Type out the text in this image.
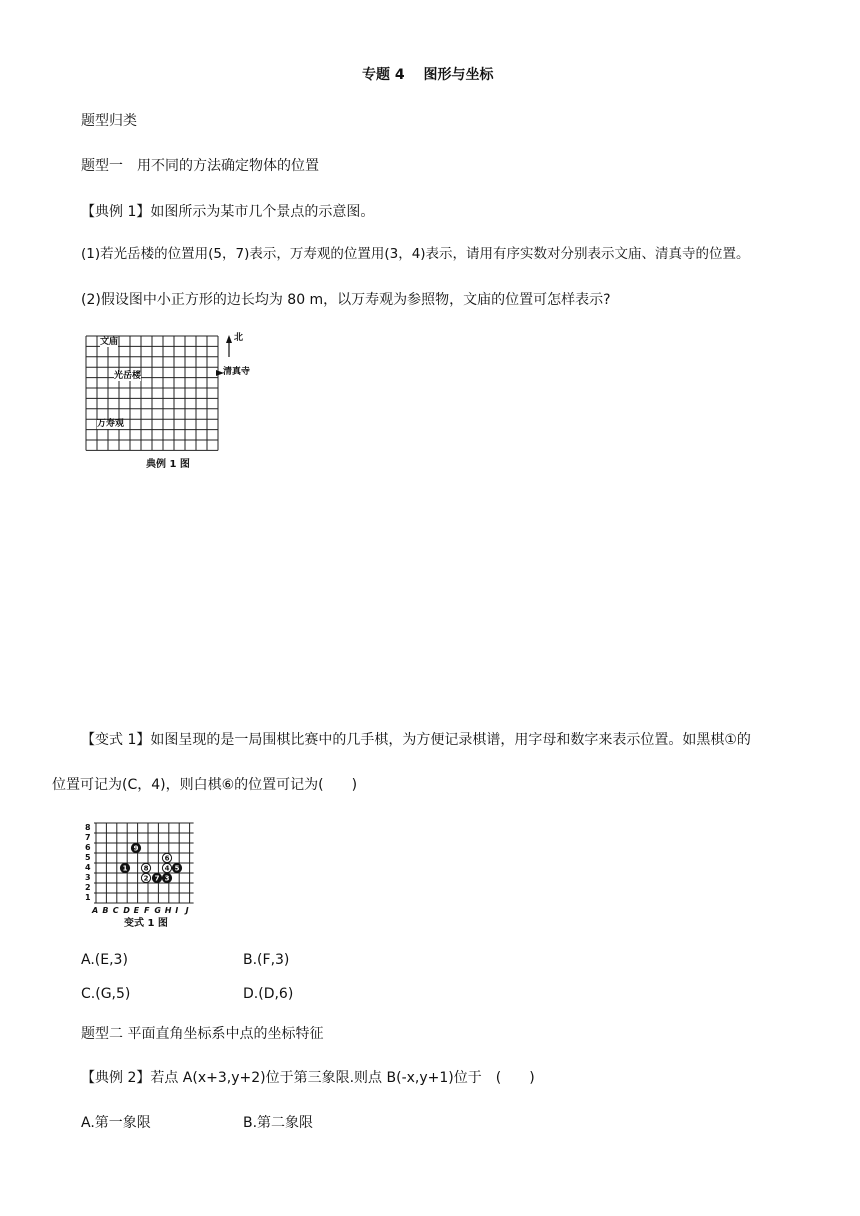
专题 4　 图形与坐标
题型归类
题型一　用不同的方法确定物体的位置
【典例 1】如图所示为某市几个景点的示意图。
(1)若光岳楼的位置用(5，7)表示，万寿观的位置用(3，4)表示，请用有序实数对分别表示文庙、清真寺的位置。
(2)假设图中小正方形的边长均为 80 m，以万寿观为参照物，文庙的位置可怎样表示?
文庙
光岳楼
万寿观
北
清真寺
典例 1 图
【变式 1】如图呈现的是一局围棋比赛中的几手棋，为方便记录棋谱，用字母和数字来表示位置。如黑棋①的
位置可记为(C，4)，则白棋⑥的位置可记为(　　)
8
7
6
5
4
3
2
1
A B C D E F G H I J
9
6
1 8 4 5
2 7 3
变式 1 图
A.(E,3)	B.(F,3)
C.(G,5)	D.(D,6)
题型二 平面直角坐标系中点的坐标特征
【典例 2】若点 A(x+3,y+2)位于第三象限.则点 B(-x,y+1)位于　(　　)
A.第一象限	B.第二象限
